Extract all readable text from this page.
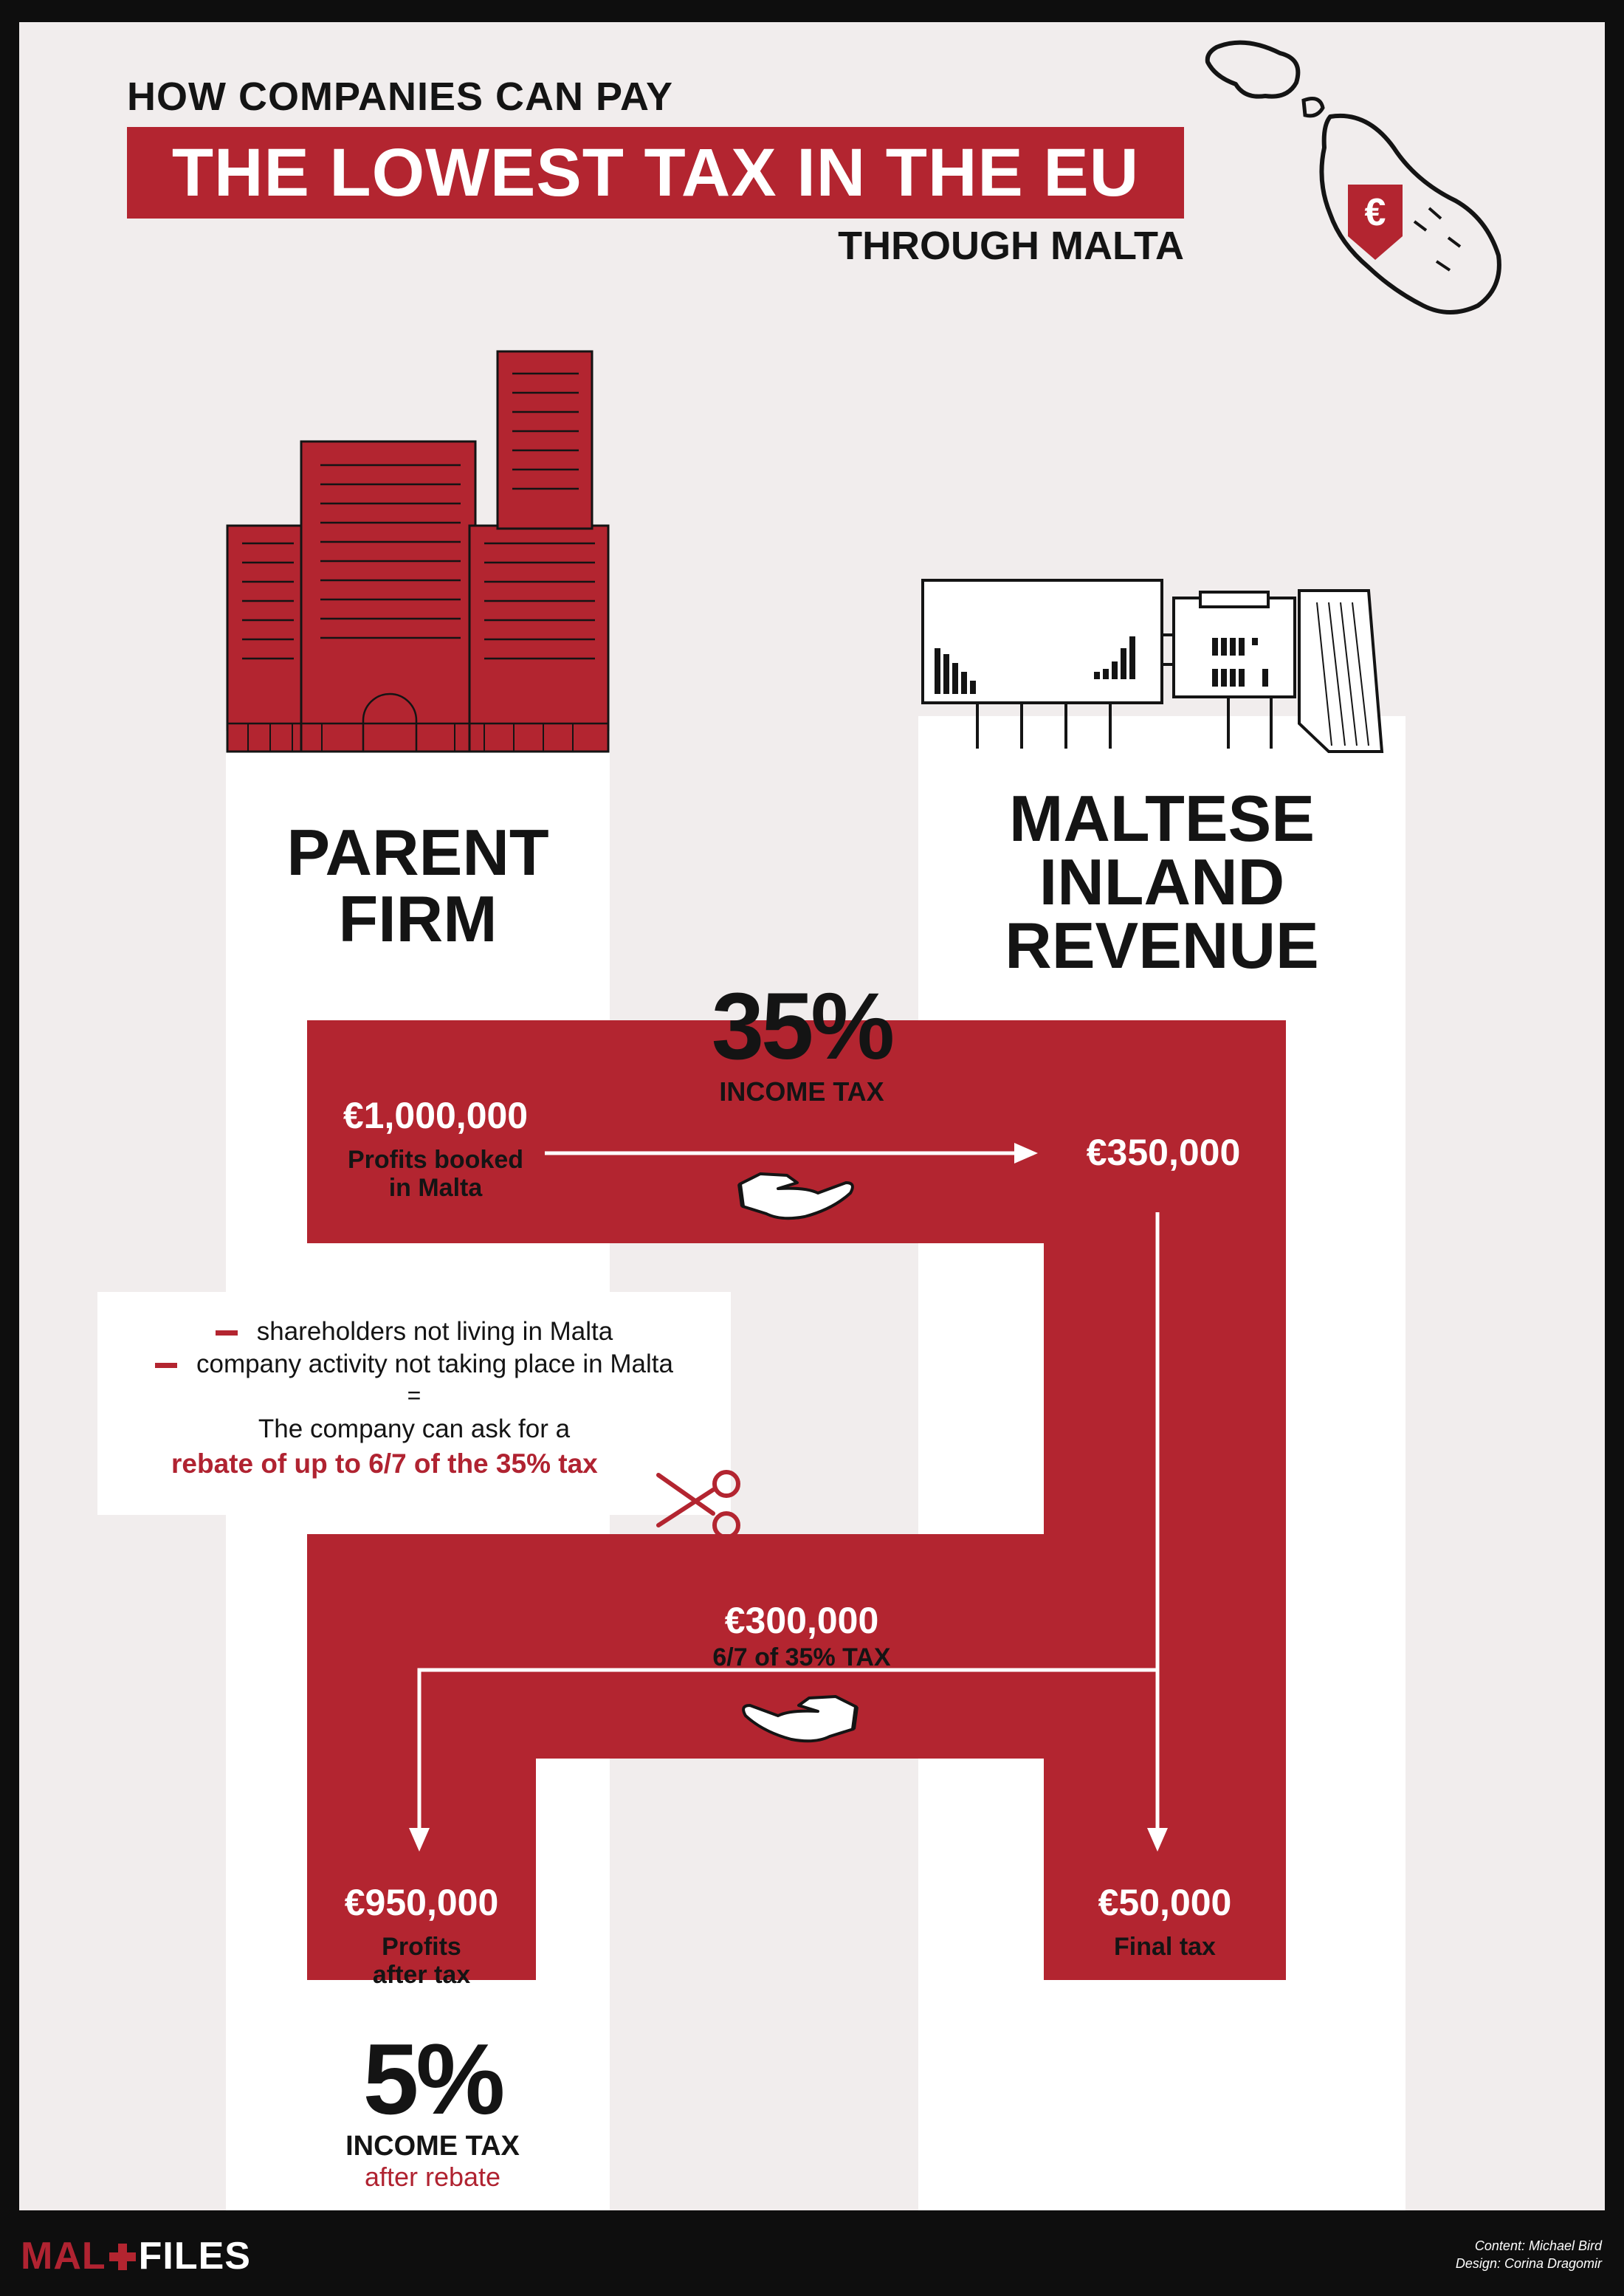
HOW COMPANIES CAN PAY
THE LOWEST TAX IN THE EU
THROUGH MALTA
€
PARENT
FIRM
MALTESE
INLAND
REVENUE
35%
INCOME TAX
€1,000,000
Profits booked
in Malta
€350,000
shareholders not living in Malta
company activity not taking place in Malta
=
The company can ask for a
rebate of up to 6/7 of the 35% tax
€300,000
6/7 of 35% TAX
€950,000
Profits
after tax
€50,000
Final tax
5%
INCOME TAX
after rebate
MAL FILES	Content: Michael Bird
Design: Corina Dragomir
